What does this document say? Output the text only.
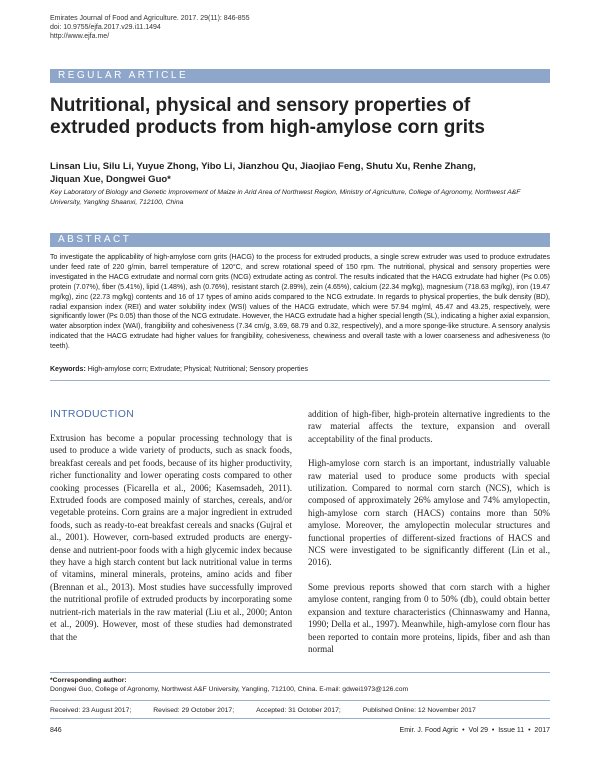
Emirates Journal of Food and Agriculture. 2017. 29(11): 846-855
doi: 10.9755/ejfa.2017.v29.i11.1494
http://www.ejfa.me/
REGULAR ARTICLE
Nutritional, physical and sensory properties of extruded products from high-amylose corn grits
Linsan Liu, Silu Li, Yuyue Zhong, Yibo Li, Jianzhou Qu, Jiaojiao Feng, Shutu Xu, Renhe Zhang,
Jiquan Xue, Dongwei Guo*
Key Laboratory of Biology and Genetic Improvement of Maize in Arid Area of Northwest Region, Ministry of Agriculture, College of Agronomy, Northwest A&F University, Yangling Shaanxi, 712100, China
ABSTRACT
To investigate the applicability of high-amylose corn grits (HACG) to the process for extruded products, a single screw extruder was used to produce extrudates under feed rate of 220 g/min, barrel temperature of 120°C, and screw rotational speed of 150 rpm. The nutritional, physical and sensory properties were investigated in the HACG extrudate and normal corn grits (NCG) extrudate acting as control. The results indicated that the HACG extrudate had higher (P≤ 0.05) protein (7.07%), fiber (5.41%), lipid (1.48%), ash (0.76%), resistant starch (2.89%), zein (4.65%), calcium (22.34 mg/kg), magnesium (718.63 mg/kg), iron (19.47 mg/kg), zinc (22.73 mg/kg) contents and 16 of 17 types of amino acids compared to the NCG extrudate. In regards to physical properties, the bulk density (BD), radial expansion index (REI) and water solubility index (WSI) values of the HACG extrudate, which were 57.94 mg/ml, 45.47 and 43.25, respectively, were significantly lower (P≤ 0.05) than those of the NCG extrudate. However, the HACG extrudate had a higher special length (SL), indicating a higher axial expansion, water absorption index (WAI), frangibility and cohesiveness (7.34 cm/g, 3.69, 68.79 and 0.32, respectively), and a more sponge-like structure. A sensory analysis indicated that the HACG extrudate had higher values for frangibility, cohesiveness, chewiness and overall taste with a lower coarseness and adhesiveness (to teeth).
Keywords: High-amylose corn; Extrudate; Physical; Nutritional; Sensory properties
INTRODUCTION

Extrusion has become a popular processing technology that is used to produce a wide variety of products, such as snack foods, breakfast cereals and pet foods, because of its higher productivity, richer functionality and lower operating costs compared to other cooking processes (Ficarella et al., 2006; Kasemsadeh, 2011). Extruded foods are composed mainly of starches, cereals, and/or vegetable proteins. Corn grains are a major ingredient in extruded foods, such as ready-to-eat breakfast cereals and snacks (Gujral et al., 2001). However, corn-based extruded products are energy-dense and nutrient-poor foods with a high glycemic index because they have a high starch content but lack nutritional value in terms of vitamins, mineral minerals, proteins, amino acids and fiber (Brennan et al., 2013). Most studies have successfully improved the nutritional profile of extruded products by incorporating some nutrient-rich materials in the raw material (Liu et al., 2000; Anton et al., 2009). However, most of these studies had demonstrated that the

addition of high-fiber, high-protein alternative ingredients to the raw material affects the texture, expansion and overall acceptability of the final products.

High-amylose corn starch is an important, industrially valuable raw material used to produce some products with special utilization. Compared to normal corn starch (NCS), which is composed of approximately 26% amylose and 74% amylopectin, high-amylose corn starch (HACS) contains more than 50% amylose. Moreover, the amylopectin molecular structures and functional properties of different-sized fractions of HACS and NCS were investigated to be significantly different (Lin et al., 2016).

Some previous reports showed that corn starch with a higher amylose content, ranging from 0 to 50% (db), could obtain better expansion and texture characteristics (Chinnaswamy and Hanna, 1990; Della et al., 1997). Meanwhile, high-amylose corn flour has been reported to contain more proteins, lipids, fiber and ash than normal

*Corresponding author:
Dongwei Guo, College of Agronomy, Northwest A&F University, Yangling, 712100, China. E-mail: gdwei1973@126.com
Received: 23 August 2017;	Revised: 29 October 2017;	Accepted: 31 October 2017;	Published Online: 12 November 2017
846	Emir. J. Food Agric  •  Vol 29  •  Issue 11  •  2017
